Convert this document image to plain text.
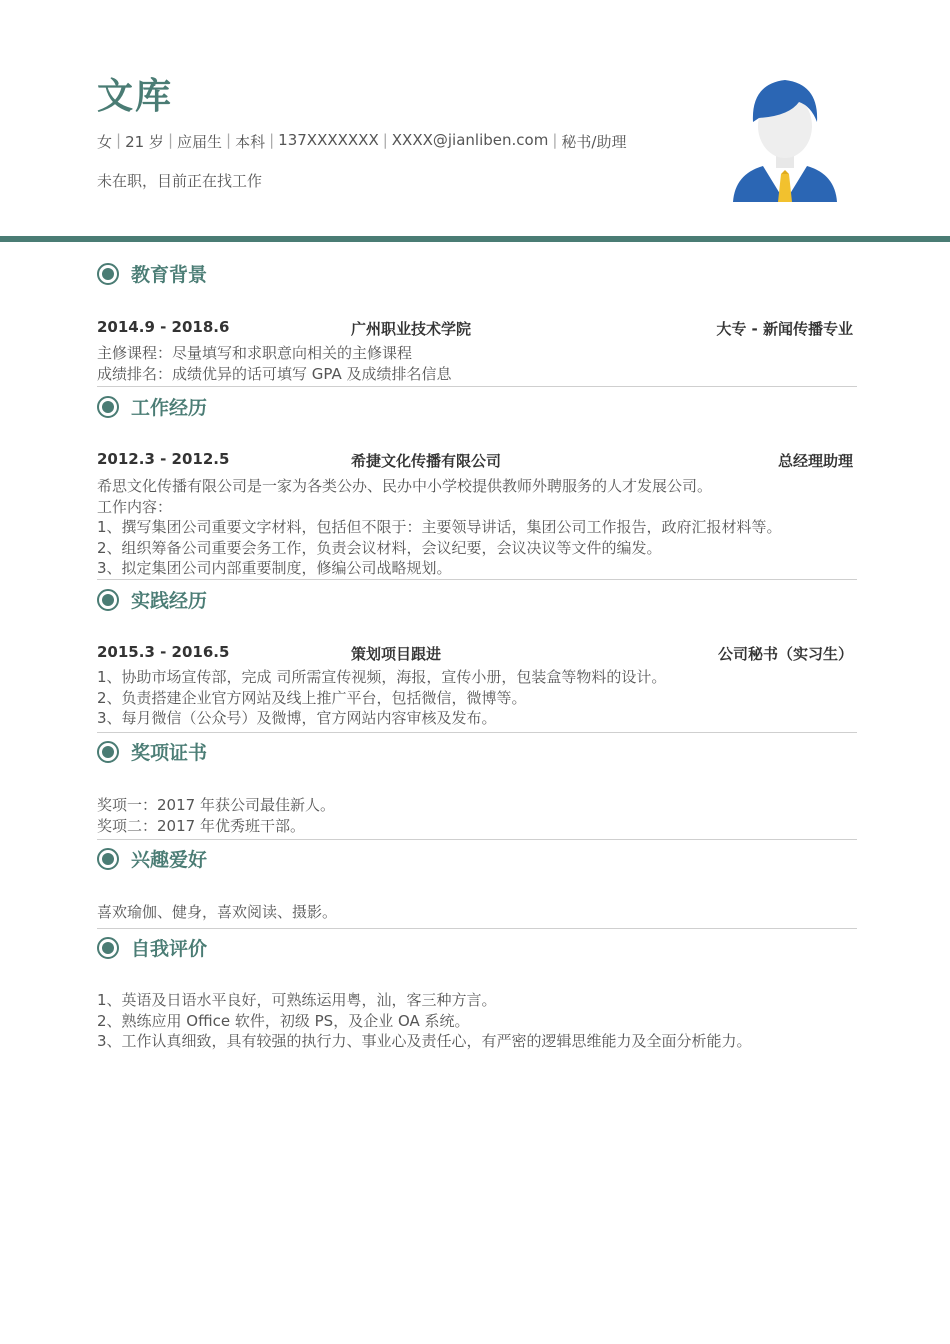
文库
女 | 21 岁 | 应届生 | 本科 | 137XXXXXXX | XXXX@jianliben.com | 秘书/助理
未在职，目前正在找工作
教育背景
2014.9 - 2018.6	广州职业技术学院	大专 - 新闻传播专业
主修课程：尽量填写和求职意向相关的主修课程
成绩排名：成绩优异的话可填写 GPA 及成绩排名信息
工作经历
2012.3 - 2012.5	希捷文化传播有限公司	总经理助理
希思文化传播有限公司是一家为各类公办、民办中小学校提供教师外聘服务的人才发展公司。
工作内容：
1、撰写集团公司重要文字材料，包括但不限于：主要领导讲话，集团公司工作报告，政府汇报材料等。
2、组织筹备公司重要会务工作，负责会议材料，会议纪要，会议决议等文件的编发。
3、拟定集团公司内部重要制度，修编公司战略规划。
实践经历
2015.3 - 2016.5	策划项目跟进	公司秘书（实习生）
1、协助市场宣传部，完成 司所需宣传视频，海报，宣传小册，包装盒等物料的设计。
2、负责搭建企业官方网站及线上推广平台，包括微信，微博等。
3、每月微信（公众号）及微博，官方网站内容审核及发布。
奖项证书
奖项一：2017 年获公司最佳新人。
奖项二：2017 年优秀班干部。
兴趣爱好
喜欢瑜伽、健身，喜欢阅读、摄影。
自我评价
1、英语及日语水平良好，可熟练运用粤，汕，客三种方言。
2、熟练应用 Office 软件，初级 PS，及企业 OA 系统。
3、工作认真细致，具有较强的执行力、事业心及责任心，有严密的逻辑思维能力及全面分析能力。
